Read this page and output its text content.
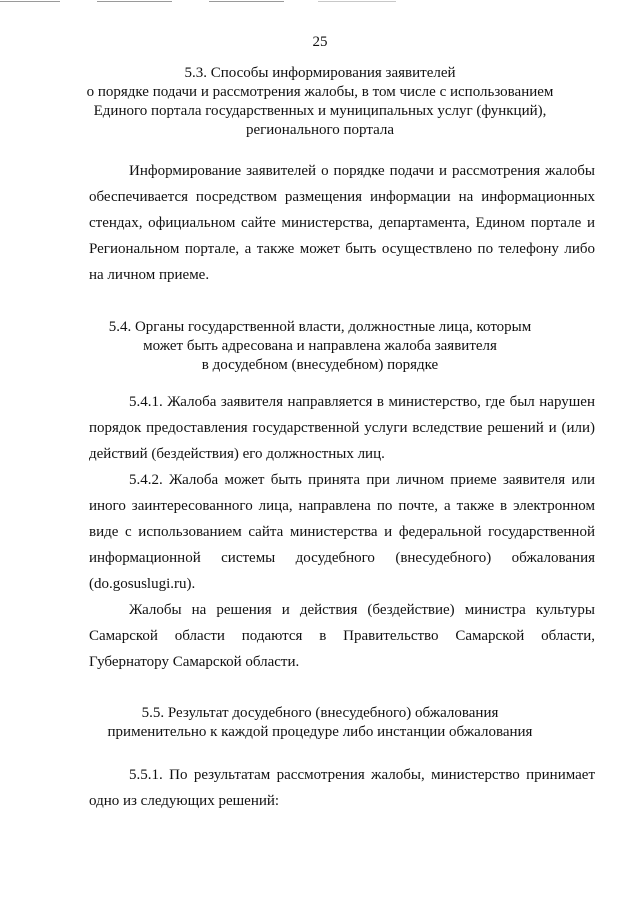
25
5.3. Способы информирования заявителей
о порядке подачи и рассмотрения жалобы, в том числе с использованием
Единого портала государственных и муниципальных услуг (функций),
регионального портала
Информирование заявителей о порядке подачи и рассмотрения жалобы
обеспечивается посредством размещения информации на информационных
стендах, официальном сайте министерства, департамента, Едином портале и
Региональном портале, а также может быть осуществлено по телефону либо
на личном приеме.
5.4. Органы государственной власти, должностные лица, которым
может быть адресована и направлена жалоба заявителя
в досудебном (внесудебном) порядке
5.4.1. Жалоба заявителя направляется в министерство, где был нарушен
порядок предоставления государственной услуги вследствие решений и (или)
действий (бездействия) его должностных лиц.
5.4.2. Жалоба может быть принята при личном приеме заявителя или
иного заинтересованного лица, направлена по почте, а также в электронном
виде с использованием сайта министерства и федеральной государственной
информационной системы досудебного (внесудебного) обжалования
(do.gosuslugi.ru).
Жалобы на решения и действия (бездействие) министра культуры
Самарской области подаются в Правительство Самарской области,
Губернатору Самарской области.
5.5. Результат досудебного (внесудебного) обжалования
применительно к каждой процедуре либо инстанции обжалования
5.5.1. По результатам рассмотрения жалобы, министерство принимает
одно из следующих решений:
